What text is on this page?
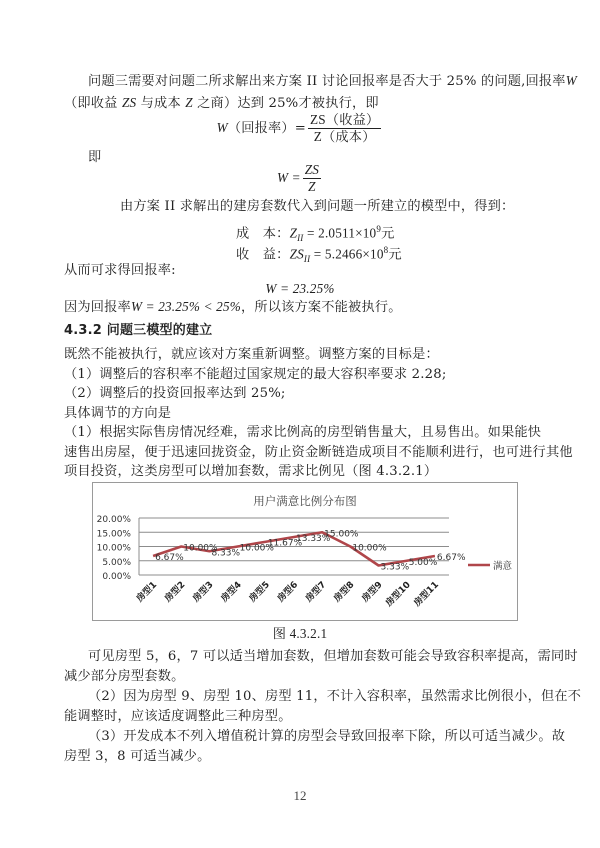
问题三需要对问题二所求解出来方案 II 讨论回报率是否大于 25% 的问题,回报率W
（即收益 ZS 与成本 Z 之商）达到 25%才被执行，即
W（回报率）= $\frac{\text{ZS（收益）}}{\text{Z（成本）}}$
即
$W = \frac{ZS}{Z}$
由方案 II 求解出的建房套数代入到问题一所建立的模型中，得到：
成　本：$Z_{II} = 2.0511\times 10^9$元
收　益：$ZS_{II} = 5.2466\times 10^8$元
从而可求得回报率:
W = 23.25%
因为回报率W = 23.25% < 25%，所以该方案不能被执行。
4.3.2 问题三模型的建立
既然不能被执行，就应该对方案重新调整。调整方案的目标是：
（1）调整后的容积率不能超过国家规定的最大容积率要求 2.28;
（2）调整后的投资回报率达到 25%;
具体调节的方向是
（1）根据实际售房情况经难，需求比例高的房型销售量大，且易售出。如果能快
速售出房屋，便于迅速回拢资金，防止资金断链造成项目不能顺利进行，也可进行其他
项目投资，这类房型可以增加套数，需求比例见（图 4.3.2.1）
用户满意比例分布图
0.00%
5.00%
10.00%
15.00%
20.00%
房型1 房型2 房型3 房型4 房型5 房型6 房型7 房型8 房型9 房型10 房型11
6.67%
10.00%
8.33% 10.00%
11.67%
13.33%
15.00%
10.00%
3.33% 5.00% 6.67%
满意
图 4.3.2.1
可见房型 5，6，7 可以适当增加套数，但增加套数可能会导致容积率提高，需同时
减少部分房型套数。
（2）因为房型 9、房型 10、房型 11，不计入容积率，虽然需求比例很小，但在不
能调整时，应该适度调整此三种房型。
（3）开发成本不列入增值税计算的房型会导致回报率下除，所以可适当减少。故
房型 3，8 可适当减少。
12
